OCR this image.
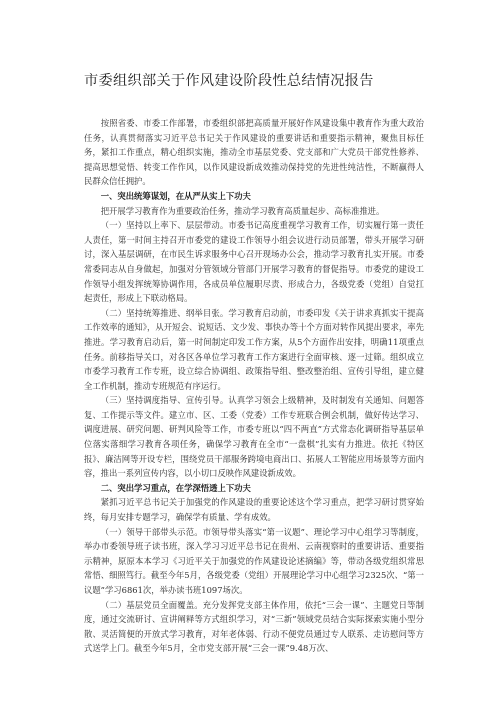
市委组织部关于作风建设阶段性总结情况报告

按照省委、市委工作部署，市委组织部把高质量开展好作风建设集中教育作为重大政治任务，认真贯彻落实习近平总书记关于作风建设的重要讲话和重要指示精神，聚焦目标任务，紧扣工作重点，精心组织实施，推动全市基层党委、党支部和广大党员干部党性修养、提高思想觉悟、转变工作作风，以作风建设新成效推动保持党的先进性纯洁性，不断赢得人民群众信任拥护。

一、突出统筹谋划，在从严从实上下功夫

把开展学习教育作为重要政治任务，推动学习教育高质量起步、高标准推进。

（一）坚持以上率下、层层带动。市委书记高度重视学习教育工作，切实履行第一责任人责任，第一时间主持召开市委党的建设工作领导小组会议进行动员部署，带头开展学习研讨，深入基层调研，在市民生诉求服务中心召开现场办公会，推动学习教育扎实开展。市委常委同志从自身做起，加强对分管领域分管部门开展学习教育的督促指导。市委党的建设工作领导小组发挥统筹协调作用，各成员单位履职尽责、形成合力，各级党委（党组）自觉扛起责任，形成上下联动格局。

（二）坚持统筹推进、纲举目张。学习教育启动前，市委印发《关于讲求真抓实干提高工作效率的通知》，从开短会、说短话、文少发、事快办等十个方面对转作风提出要求，率先推进。学习教育启动后，第一时间制定印发工作方案，从5个方面作出安排，明确11项重点任务。前移指导关口，对各区各单位学习教育工作方案进行全面审核、逐一过筛。组织成立市委学习教育工作专班，设立综合协调组、政策指导组、整改整治组、宣传引导组，建立健全工作机制，推动专班规范有序运行。

（三）坚持调度指导、宣传引导。认真学习领会上级精神，及时制发有关通知、问题答复、工作提示等文件。建立市、区、工委（党委）工作专班联合例会机制，做好传达学习、调度进展、研究问题、研判风险等工作，市委专班以“四不两直”方式常态化调研指导基层单位落实落细学习教育各项任务，确保学习教育在全市“一盘棋”扎实有力推进。依托《特区报》、廉洁网等开设专栏，围绕党员干部服务跨境电商出口、拓展人工智能应用场景等方面内容，推出一系列宣传内容，以小切口反映作风建设新成效。

二、突出学习重点，在学深悟透上下功夫

紧抓习近平总书记关于加强党的作风建设的重要论述这个学习重点，把学习研讨贯穿始终，每月安排专题学习，确保学有质量、学有成效。

（一）领导干部带头示范。市领导带头落实“第一议题”、理论学习中心组学习等制度，举办市委领导班子读书班，深入学习习近平总书记在贵州、云南视察时的重要讲话、重要指示精神，原原本本学习《习近平关于加强党的作风建设论述摘编》等，带动各级党组织常思常悟、细照笃行。截至今年5月，各级党委（党组）开展理论学习中心组学习2325次、“第一议题”学习6861次，举办读书班1097场次。

（二）基层党员全面覆盖。充分发挥党支部主体作用，依托“三会一课”、主题党日等制度，通过交流研讨、宣讲阐释等方式组织学习，对“三新”领域党员结合实际探索实施小型分散、灵活简便的开放式学习教育，对年老体弱、行动不便党员通过专人联系、走访慰问等方式送学上门。截至今年5月，全市党支部开展“三会一课”9.48万次、
